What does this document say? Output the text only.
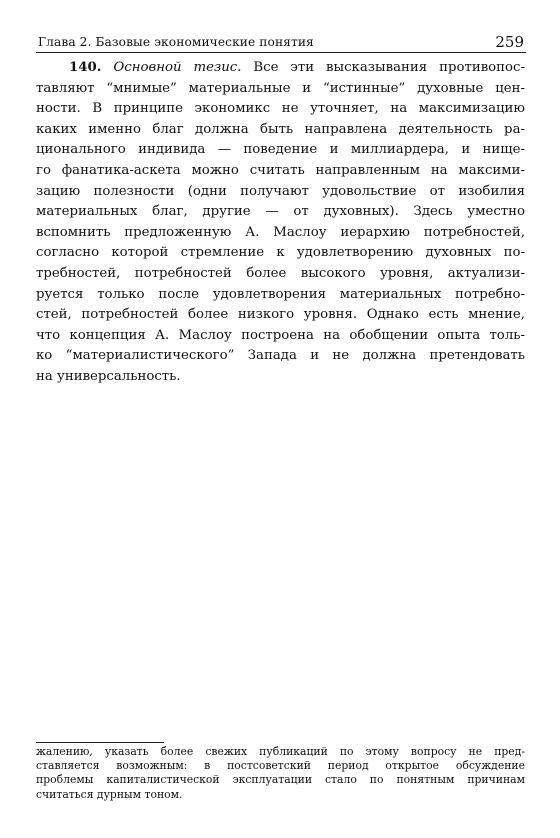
Глава 2. Базовые экономические понятия	259
140. Основной тезис. Все эти высказывания противопос-
тавляют “мнимые” материальные и “истинные” духовные цен-
ности. В принципе экономикс не уточняет, на максимизацию
каких именно благ должна быть направлена деятельность ра-
ционального индивида — поведение и миллиардера, и нище-
го фанатика-аскета можно считать направленным на максими-
зацию полезности (одни получают удовольствие от изобилия
материальных благ, другие — от духовных). Здесь уместно
вспомнить предложенную А. Маслоу иерархию потребностей,
согласно которой стремление к удовлетворению духовных по-
требностей, потребностей более высокого уровня, актуализи-
руется только после удовлетворения материальных потребно-
стей, потребностей более низкого уровня. Однако есть мнение,
что концепция А. Маслоу построена на обобщении опыта толь-
ко “материалистического” Запада и не должна претендовать
на универсальность.
жалению, указать более свежих публикаций по этому вопросу не пред-
ставляется возможным: в постсоветский период открытое обсуждение
проблемы капиталистической эксплуатации стало по понятным причинам
считаться дурным тоном.
